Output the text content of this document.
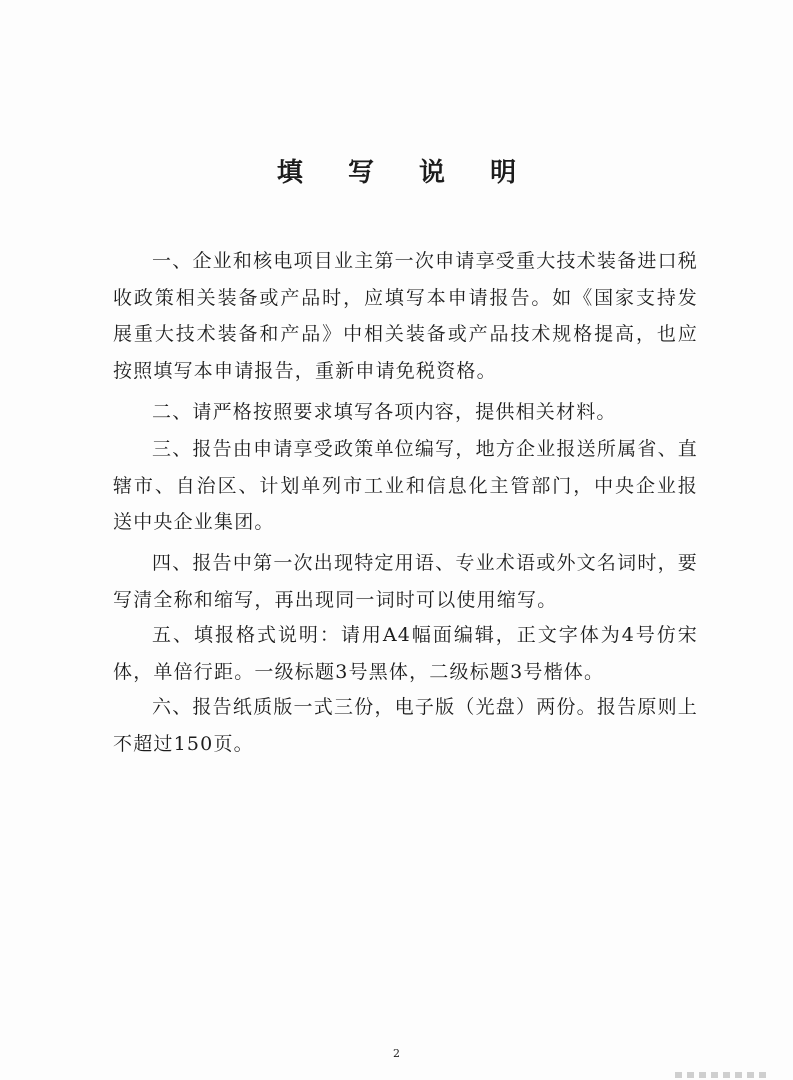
填 写 说 明

一、企业和核电项目业主第一次申请享受重大技术装备进口税收政策相关装备或产品时，应填写本申请报告。如《国家支持发展重大技术装备和产品》中相关装备或产品技术规格提高，也应按照填写本申请报告，重新申请免税资格。

二、请严格按照要求填写各项内容，提供相关材料。

三、报告由申请享受政策单位编写，地方企业报送所属省、直辖市、自治区、计划单列市工业和信息化主管部门，中央企业报送中央企业集团。

四、报告中第一次出现特定用语、专业术语或外文名词时，要写清全称和缩写，再出现同一词时可以使用缩写。

五、填报格式说明：请用A4幅面编辑，正文字体为4号仿宋体，单倍行距。一级标题3号黑体，二级标题3号楷体。

六、报告纸质版一式三份，电子版（光盘）两份。报告原则上不超过150页。

2
